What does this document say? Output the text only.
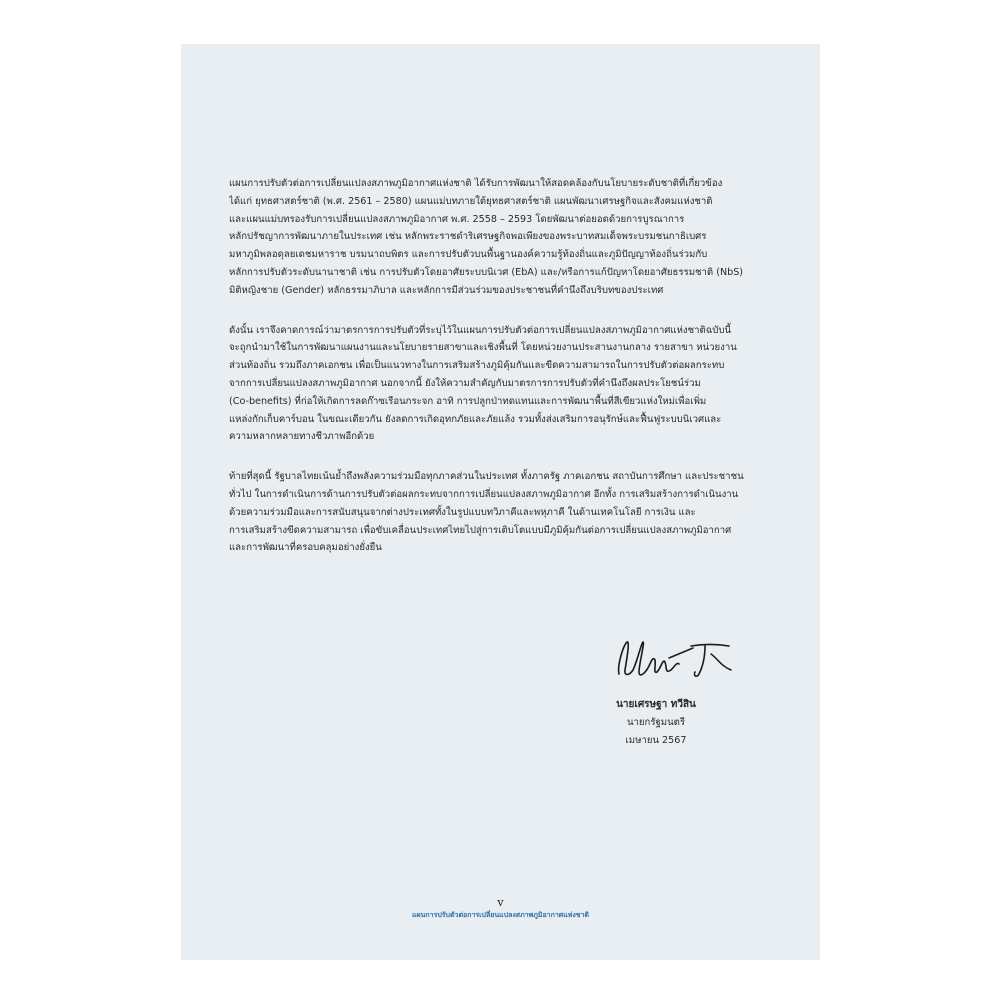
แผนการปรับตัวต่อการเปลี่ยนแปลงสภาพภูมิอากาศแห่งชาติ ได้รับการพัฒนาให้สอดคล้องกับนโยบายระดับชาติที่เกี่ยวข้อง
ได้แก่ ยุทธศาสตร์ชาติ (พ.ศ. 2561 – 2580) แผนแม่บทภายใต้ยุทธศาสตร์ชาติ แผนพัฒนาเศรษฐกิจและสังคมแห่งชาติ
และแผนแม่บทรองรับการเปลี่ยนแปลงสภาพภูมิอากาศ พ.ศ. 2558 – 2593 โดยพัฒนาต่อยอดด้วยการบูรณาการ
หลักปรัชญาการพัฒนาภายในประเทศ เช่น หลักพระราชดำริเศรษฐกิจพอเพียงของพระบาทสมเด็จพระบรมชนกาธิเบศร
มหาภูมิพลอดุลยเดชมหาราช บรมนาถบพิตร และการปรับตัวบนพื้นฐานองค์ความรู้ท้องถิ่นและภูมิปัญญาท้องถิ่นร่วมกับ
หลักการปรับตัวระดับนานาชาติ เช่น การปรับตัวโดยอาศัยระบบนิเวศ (EbA) และ/หรือการแก้ปัญหาโดยอาศัยธรรมชาติ (NbS)
มิติหญิงชาย (Gender) หลักธรรมาภิบาล และหลักการมีส่วนร่วมของประชาชนที่คำนึงถึงบริบทของประเทศ

ดังนั้น เราจึงคาดการณ์ว่ามาตรการการปรับตัวที่ระบุไว้ในแผนการปรับตัวต่อการเปลี่ยนแปลงสภาพภูมิอากาศแห่งชาติฉบับนี้
จะถูกนำมาใช้ในการพัฒนาแผนงานและนโยบายรายสาขาและเชิงพื้นที่ โดยหน่วยงานประสานงานกลาง รายสาขา หน่วยงาน
ส่วนท้องถิ่น รวมถึงภาคเอกชน เพื่อเป็นแนวทางในการเสริมสร้างภูมิคุ้มกันและขีดความสามารถในการปรับตัวต่อผลกระทบ
จากการเปลี่ยนแปลงสภาพภูมิอากาศ นอกจากนี้ ยังให้ความสำคัญกับมาตรการการปรับตัวที่คำนึงถึงผลประโยชน์ร่วม
(Co-benefits) ที่ก่อให้เกิดการลดก๊าซเรือนกระจก อาทิ การปลูกป่าทดแทนและการพัฒนาพื้นที่สีเขียวแห่งใหม่เพื่อเพิ่ม
แหล่งกักเก็บคาร์บอน ในขณะเดียวกัน ยังลดการเกิดอุทกภัยและภัยแล้ง รวมทั้งส่งเสริมการอนุรักษ์และฟื้นฟูระบบนิเวศและ
ความหลากหลายทางชีวภาพอีกด้วย

ท้ายที่สุดนี้ รัฐบาลไทยเน้นย้ำถึงพลังความร่วมมือทุกภาคส่วนในประเทศ ทั้งภาครัฐ ภาคเอกชน สถาบันการศึกษา และประชาชน
ทั่วไป ในการดำเนินการด้านการปรับตัวต่อผลกระทบจากการเปลี่ยนแปลงสภาพภูมิอากาศ อีกทั้ง การเสริมสร้างการดำเนินงาน
ด้วยความร่วมมือและการสนับสนุนจากต่างประเทศทั้งในรูปแบบทวิภาคีและพหุภาคี ในด้านเทคโนโลยี การเงิน และ
การเสริมสร้างขีดความสามารถ เพื่อขับเคลื่อนประเทศไทยไปสู่การเติบโตแบบมีภูมิคุ้มกันต่อการเปลี่ยนแปลงสภาพภูมิอากาศ
และการพัฒนาที่ครอบคลุมอย่างยั่งยืน

นายเศรษฐา ทวีสิน
นายกรัฐมนตรี
เมษายน 2567
v
แผนการปรับตัวต่อการเปลี่ยนแปลงสภาพภูมิอากาศแห่งชาติ
